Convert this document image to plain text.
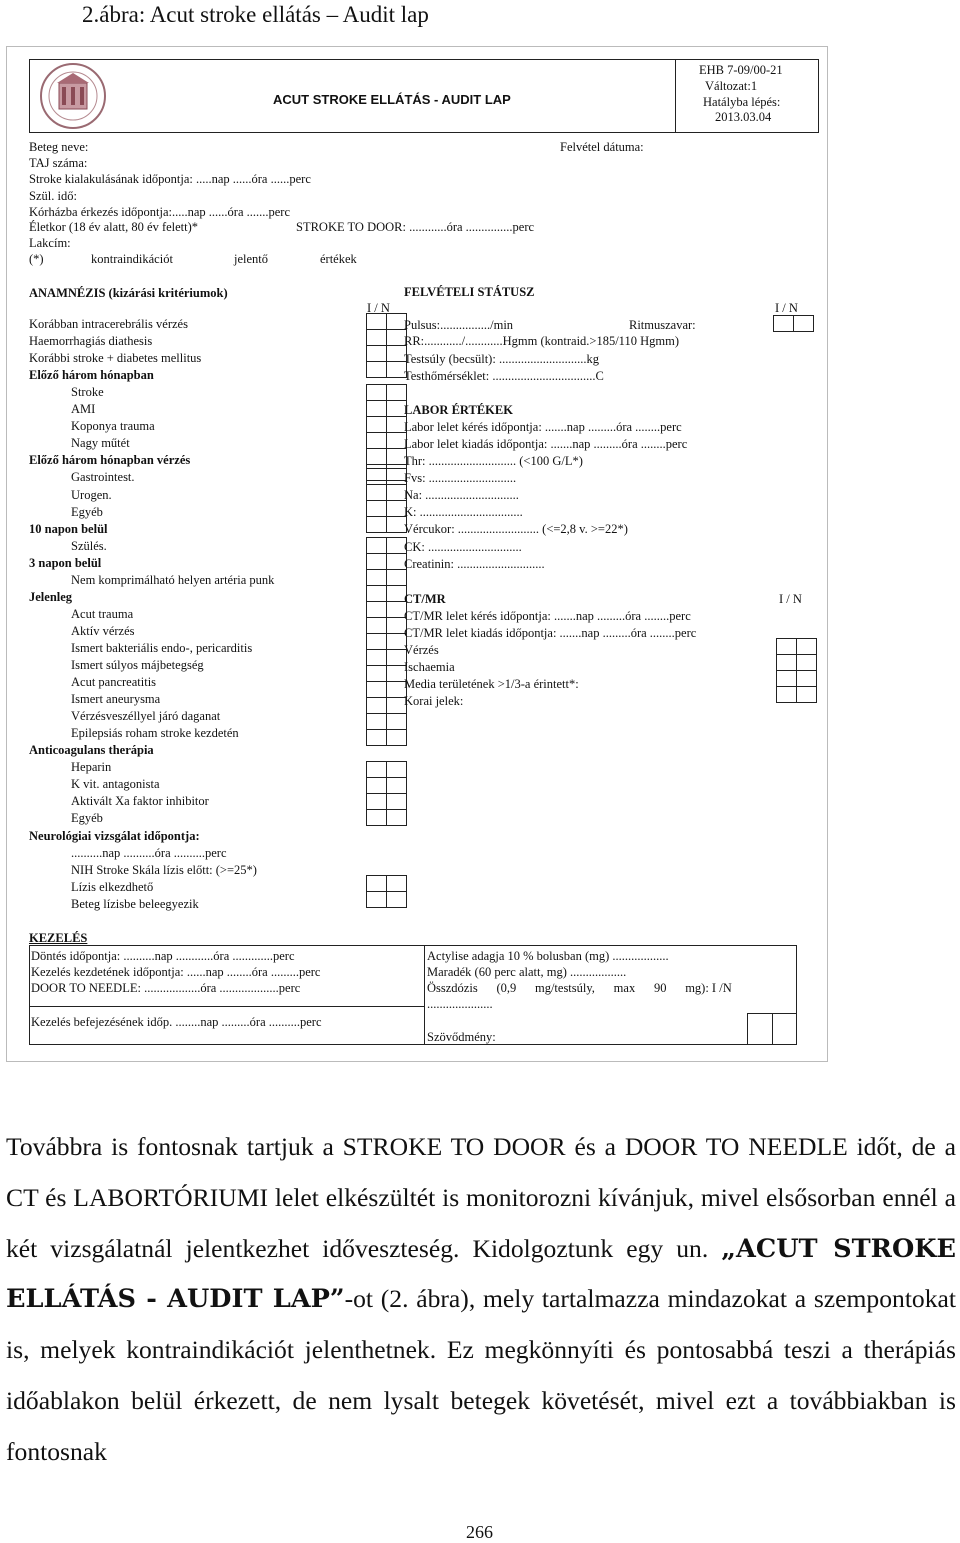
2.ábra: Acut stroke ellátás – Audit lap
ACUT STROKE ELLÁTÁS - AUDIT LAP
EHB 7-09/00-21
Változat:1
Hatályba lépés:
2013.03.04
Beteg neve:	Felvétel dátuma:
TAJ száma:
Stroke kialakulásának időpontja: .....nap ......óra ......perc
Szül. idő:
Kórházba érkezés időpontja:.....nap ......óra .......perc
Életkor (18 év alatt, 80 év felett)*	STROKE TO DOOR: ............óra ...............perc
Lakcím:
(*)	kontraindikációt	jelentő	értékek
ANAMNÉZIS (kizárási kritériumok)
I / N
Korábban intracerebrális vérzés
Haemorrhagiás diathesis
Korábbi stroke + diabetes mellitus
Előző három hónapban
Stroke
AMI
Koponya trauma
Nagy műtét
Előző három hónapban vérzés
Gastrointest.
Urogen.
Egyéb
10 napon belül
Szülés.
3 napon belül
Nem komprimálható helyen artéria punk
Jelenleg
Acut trauma
Aktív vérzés
Ismert bakteriális endo-, pericarditis
Ismert súlyos májbetegség
Acut pancreatitis
Ismert aneurysma
Vérzésveszéllyel járó daganat
Epilepsiás roham stroke kezdetén
Anticoagulans therápia
Heparin
K vit. antagonista
Aktivált Xa faktor inhibitor
Egyéb
Neurológiai vizsgálat időpontja:
..........nap ..........óra ..........perc
NIH Stroke Skála lízis előtt: (>=25*)
Lízis elkezdhető
Beteg lízisbe beleegyezik
FELVÉTELI STÁTUSZ
I / N
Pulsus:................/min	Ritmuszavar:
RR:............/............Hgmm (kontraid.>185/110 Hgmm)
Testsúly (becsült): ............................kg
Testhőmérséklet: .................................C
LABOR ÉRTÉKEK
Labor lelet kérés időpontja: .......nap .........óra ........perc
Labor lelet kiadás időpontja: .......nap .........óra ........perc
Thr: ............................ (<100 G/L*)
Fvs: ............................
Na: ..............................
K: .................................
Vércukor: .......................... (<=2,8 v. >=22*)
CK: ..............................
Creatinin: ............................
CT/MR	I / N
CT/MR lelet kérés időpontja: .......nap .........óra ........perc
CT/MR lelet kiadás időpontja: .......nap .........óra ........perc
Vérzés
Ischaemia
Media területének >1/3-a érintett*:
Korai jelek:
KEZELÉS
Döntés időpontja: ..........nap ............óra .............perc
Kezelés kezdetének időpontja: ......nap ........óra .........perc
DOOR TO NEEDLE: ..................óra ...................perc
Kezelés befejezésének időp. ........nap .........óra ..........perc
Actylise adagja 10 % bolusban (mg) ..................
Maradék (60 perc alatt, mg) ..................
Összdózis      (0,9      mg/testsúly,      max      90      mg): I /N
.....................
Szövődmény:

Továbbra is fontosnak tartjuk a STROKE TO DOOR és a DOOR TO NEEDLE időt, de a CT és LABORTÓRIUMI lelet elkészültét is monitorozni kívánjuk, mivel elsősorban ennél a két vizsgálatnál jelentkezhet időveszteség. Kidolgoztunk egy un. „ACUT STROKE ELLÁTÁS - AUDIT LAP”-ot (2. ábra), mely tartalmazza mindazokat a szempontokat is, melyek kontraindikációt jelenthetnek. Ez megkönnyíti és pontosabbá teszi a therápiás időablakon belül érkezett, de nem lysalt betegek követését, mivel ezt a továbbiakban is fontosnak

266
